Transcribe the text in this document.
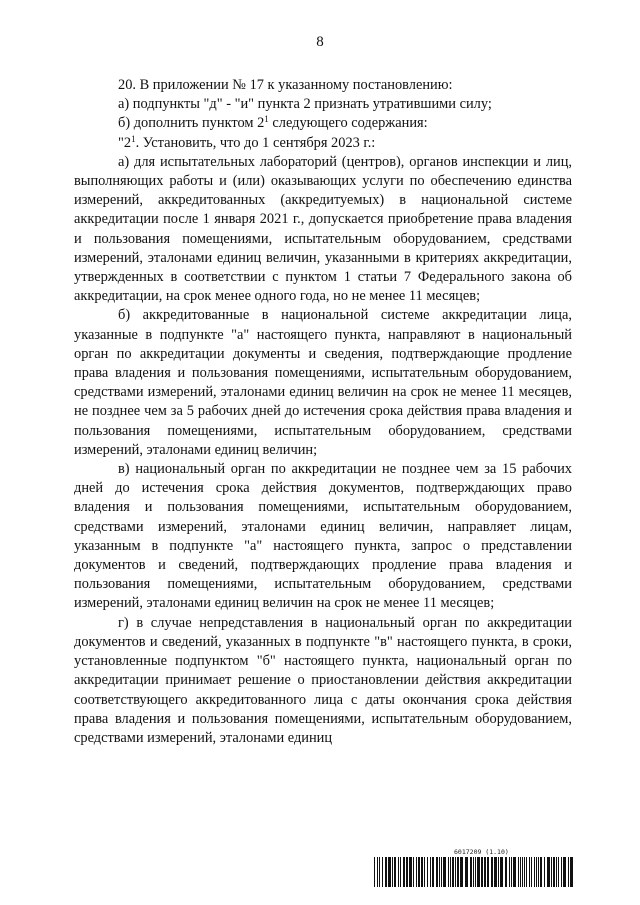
8

20. В приложении № 17 к указанному постановлению:

а) подпункты "д" - "и" пункта 2 признать утратившими силу;

б) дополнить пунктом $2^1$ следующего содержания:

"$2^1$. Установить, что до 1 сентября 2023 г.:

а) для испытательных лабораторий (центров), органов инспекции и лиц, выполняющих работы и (или) оказывающих услуги по обеспечению единства измерений, аккредитованных (аккредитуемых) в национальной системе аккредитации после 1 января 2021 г., допускается приобретение права владения и пользования помещениями, испытательным оборудованием, средствами измерений, эталонами единиц величин, указанными в критериях аккредитации, утвержденных в соответствии с пунктом 1 статьи 7 Федерального закона об аккредитации, на срок менее одного года, но не менее 11 месяцев;

б) аккредитованные в национальной системе аккредитации лица, указанные в подпункте "а" настоящего пункта, направляют в национальный орган по аккредитации документы и сведения, подтверждающие продление права владения и пользования помещениями, испытательным оборудованием, средствами измерений, эталонами единиц величин на срок не менее 11 месяцев, не позднее чем за 5 рабочих дней до истечения срока действия права владения и пользования помещениями, испытательным оборудованием, средствами измерений, эталонами единиц величин;

в) национальный орган по аккредитации не позднее чем за 15 рабочих дней до истечения срока действия документов, подтверждающих право владения и пользования помещениями, испытательным оборудованием, средствами измерений, эталонами единиц величин, направляет лицам, указанным в подпункте "а" настоящего пункта, запрос о представлении документов и сведений, подтверждающих продление права владения и пользования помещениями, испытательным оборудованием, средствами измерений, эталонами единиц величин на срок не менее 11 месяцев;

г) в случае непредставления в национальный орган по аккредитации документов и сведений, указанных в подпункте "в" настоящего пункта, в сроки, установленные подпунктом "б" настоящего пункта, национальный орган по аккредитации принимает решение о приостановлении действия аккредитации соответствующего аккредитованного лица с даты окончания срока действия права владения и пользования помещениями, испытательным оборудованием, средствами измерений, эталонами единиц

6017209 (1.10)
